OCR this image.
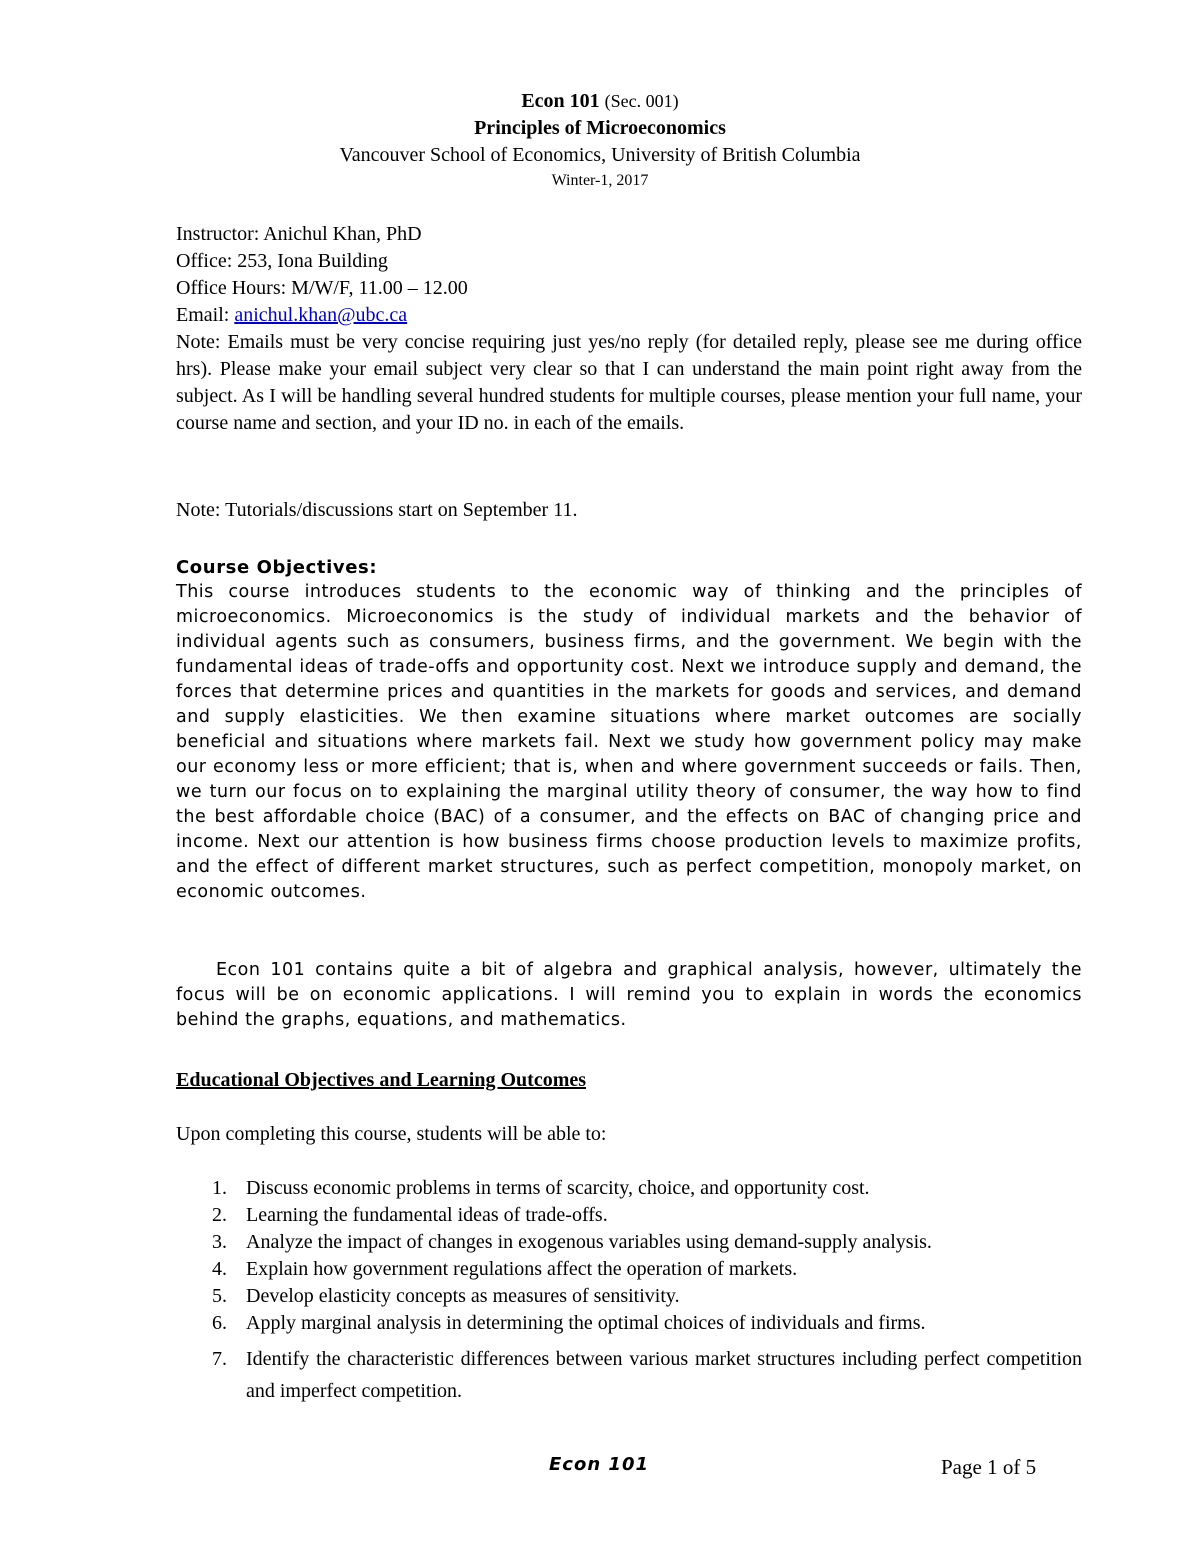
Econ 101 (Sec. 001)
Principles of Microeconomics
Vancouver School of Economics, University of British Columbia
Winter-1, 2017

Instructor: Anichul Khan, PhD

Office: 253, Iona Building

Office Hours: M/W/F, 11.00 – 12.00

Email: anichul.khan@ubc.ca

Note: Emails must be very concise requiring just yes/no reply (for detailed reply, please see me during office hrs). Please make your email subject very clear so that I can understand the main point right away from the subject. As I will be handling several hundred students for multiple courses, please mention your full name, your course name and section, and your ID no. in each of the emails.

Note: Tutorials/discussions start on September 11.

Course Objectives:

This course introduces students to the economic way of thinking and the principles of microeconomics. Microeconomics is the study of individual markets and the behavior of individual agents such as consumers, business firms, and the government. We begin with the fundamental ideas of trade-offs and opportunity cost. Next we introduce supply and demand, the forces that determine prices and quantities in the markets for goods and services, and demand and supply elasticities. We then examine situations where market outcomes are socially beneficial and situations where markets fail. Next we study how government policy may make our economy less or more efficient; that is, when and where government succeeds or fails. Then, we turn our focus on to explaining the marginal utility theory of consumer, the way how to find the best affordable choice (BAC) of a consumer, and the effects on BAC of changing price and income. Next our attention is how business firms choose production levels to maximize profits, and the effect of different market structures, such as perfect competition, monopoly market, on economic outcomes.

Econ 101 contains quite a bit of algebra and graphical analysis, however, ultimately the focus will be on economic applications. I will remind you to explain in words the economics behind the graphs, equations, and mathematics.

Educational Objectives and Learning Outcomes

Upon completing this course, students will be able to:

1. Discuss economic problems in terms of scarcity, choice, and opportunity cost.
2. Learning the fundamental ideas of trade-offs.
3. Analyze the impact of changes in exogenous variables using demand-supply analysis.
4. Explain how government regulations affect the operation of markets.
5. Develop elasticity concepts as measures of sensitivity.
6. Apply marginal analysis in determining the optimal choices of individuals and firms.
7. Identify the characteristic differences between various market structures including perfect competition and imperfect competition.
Econ 101	Page 1 of 5
